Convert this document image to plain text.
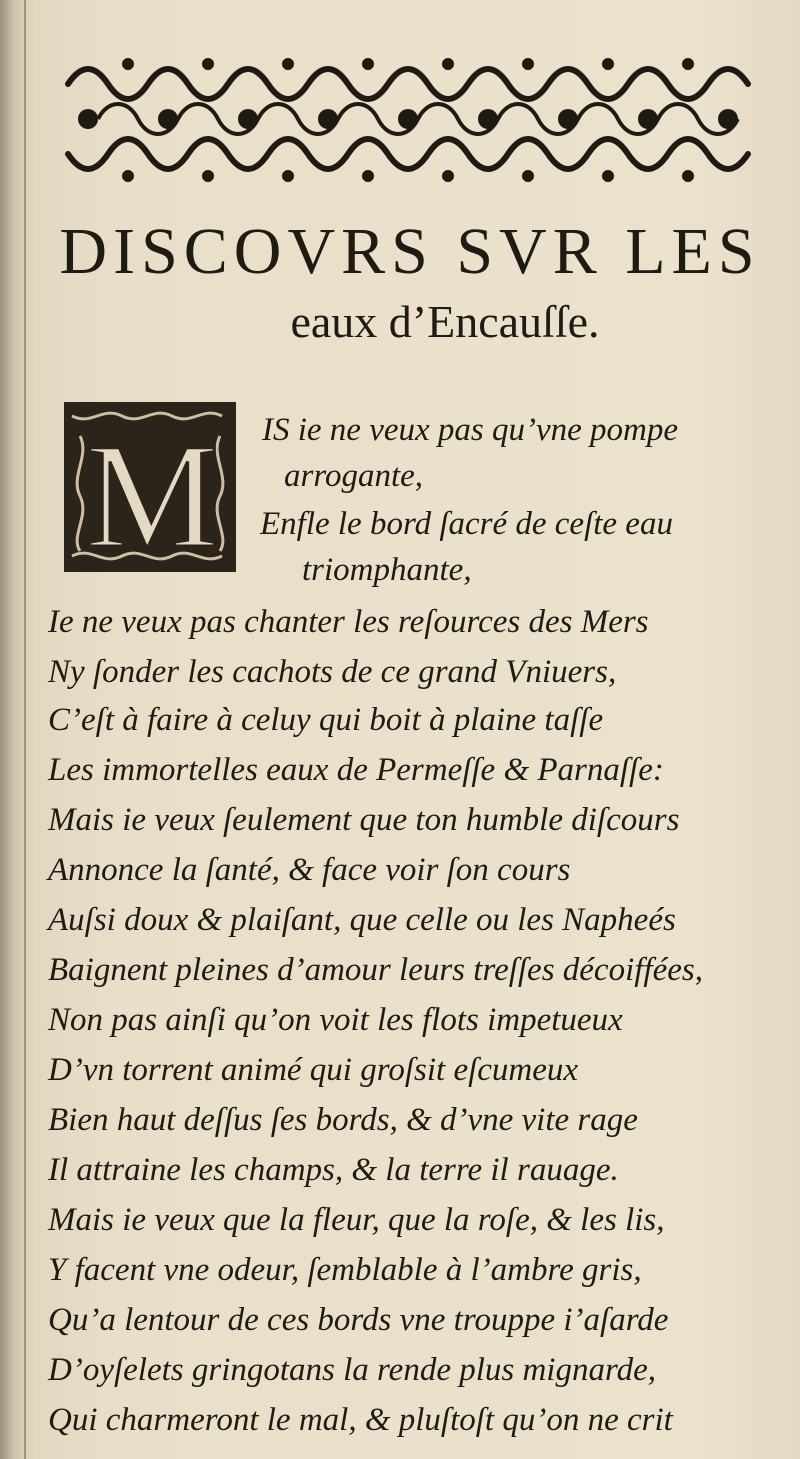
DISCOVRS SVR LES
eaux d’Encauſſe.
M IS ie ne veux pas qu’vne pompe
arrogante,
Enfle le bord ſacré de ceſte eau
triomphante,
Ie ne veux pas chanter les reſources des Mers
Ny ſonder les cachots de ce grand Vniuers,
C’eſt à faire à celuy qui boit à plaine taſſe
Les immortelles eaux de Permeſſe & Parnaſſe:
Mais ie veux ſeulement que ton humble diſcours
Annonce la ſanté, & face voir ſon cours
Auſsi doux & plaiſant, que celle ou les Napheés
Baignent pleines d’amour leurs treſſes décoiffées,
Non pas ainſi qu’on voit les flots impetueux
D’vn torrent animé qui groſsit eſcumeux
Bien haut deſſus ſes bords, & d’vne vite rage
Il attraine les champs, & la terre il rauage.
Mais ie veux que la fleur, que la roſe, & les lis,
Y facent vne odeur, ſemblable à l’ambre gris,
Qu’a lentour de ces bords vne trouppe i’aſarde
D’oyſelets gringotans la rende plus mignarde,
Qui charmeront le mal, & pluſtoſt qu’on ne crit
